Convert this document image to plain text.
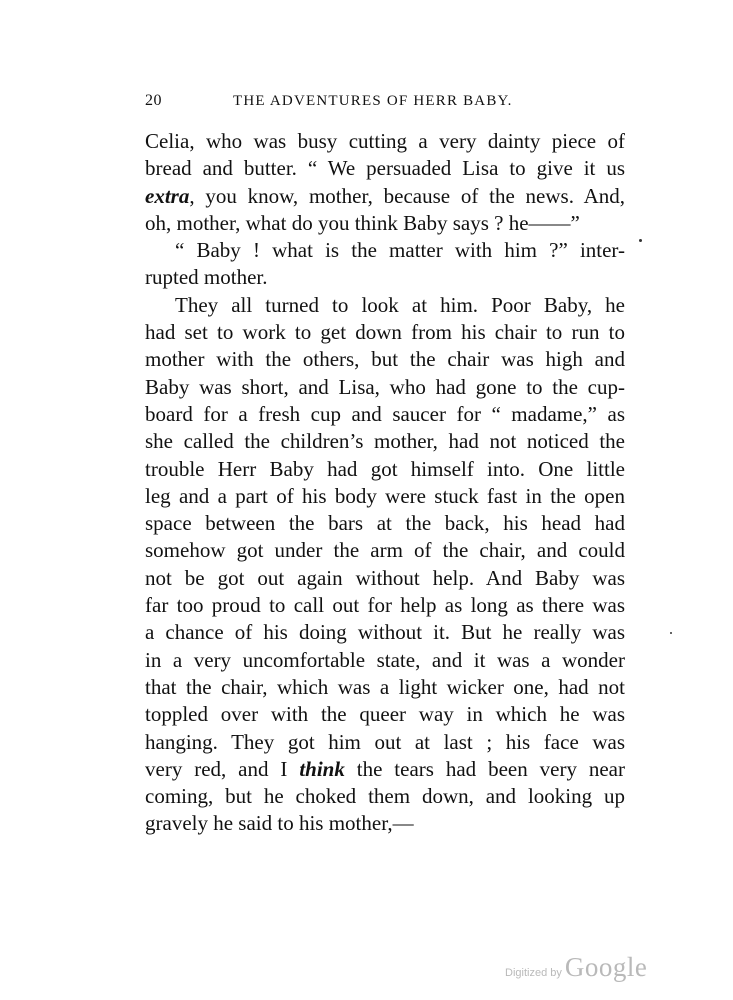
20	THE ADVENTURES OF HERR BABY.
Celia, who was busy cutting a very dainty piece of
bread and butter. “ We persuaded Lisa to give it us
extra, you know, mother, because of the news. And,
oh, mother, what do you think Baby says ? he——”
“ Baby ! what is the matter with him ?” inter-
rupted mother.
They all turned to look at him. Poor Baby, he
had set to work to get down from his chair to run to
mother with the others, but the chair was high and
Baby was short, and Lisa, who had gone to the cup-
board for a fresh cup and saucer for “ madame,” as
she called the children’s mother, had not noticed the
trouble Herr Baby had got himself into. One little
leg and a part of his body were stuck fast in the open
space between the bars at the back, his head had
somehow got under the arm of the chair, and could
not be got out again without help. And Baby was
far too proud to call out for help as long as there was
a chance of his doing without it. But he really was
in a very uncomfortable state, and it was a wonder
that the chair, which was a light wicker one, had not
toppled over with the queer way in which he was
hanging. They got him out at last ; his face was
very red, and I think the tears had been very near
coming, but he choked them down, and looking up
gravely he said to his mother,—
Digitized by Google
